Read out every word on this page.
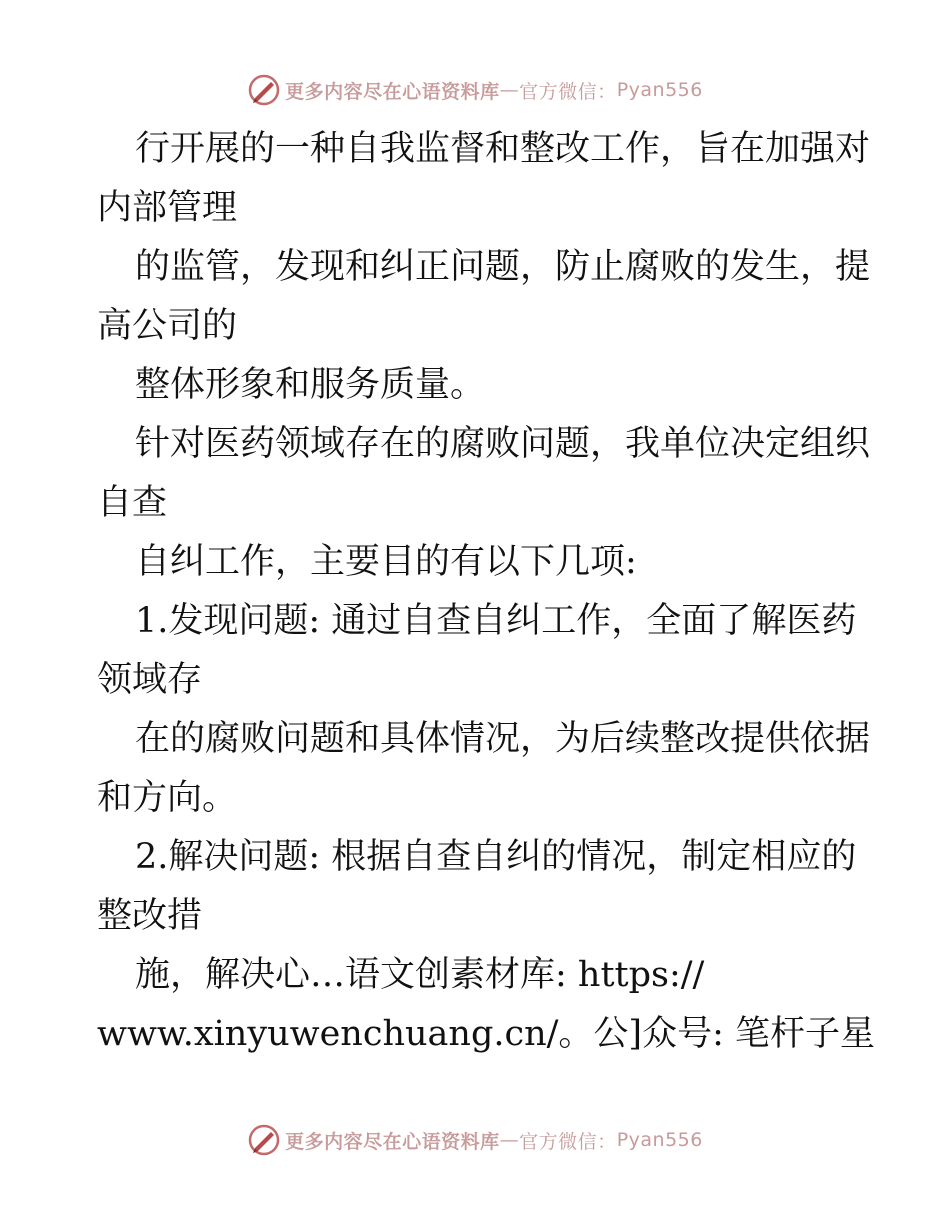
更多内容尽在心语资料库 — 官方微信： Pyan556
行开展的一种自我监督和整改工作，旨在加强对
内部管理
的监管，发现和纠正问题，防止腐败的发生，提
高公司的
整体形象和服务质量。
针对医药领域存在的腐败问题，我单位决定组织
自查
自纠工作，主要目的有以下几项:
1.发现问题: 通过自查自纠工作，全面了解医药
领域存
在的腐败问题和具体情况，为后续整改提供依据
和方向。
2.解决问题: 根据自查自纠的情况，制定相应的
整改措
施，解决心…语文创素材库: https://
www.xinyuwenchuang.cn/。公]众号: 笔杆子星
更多内容尽在心语资料库 — 官方微信： Pyan556
